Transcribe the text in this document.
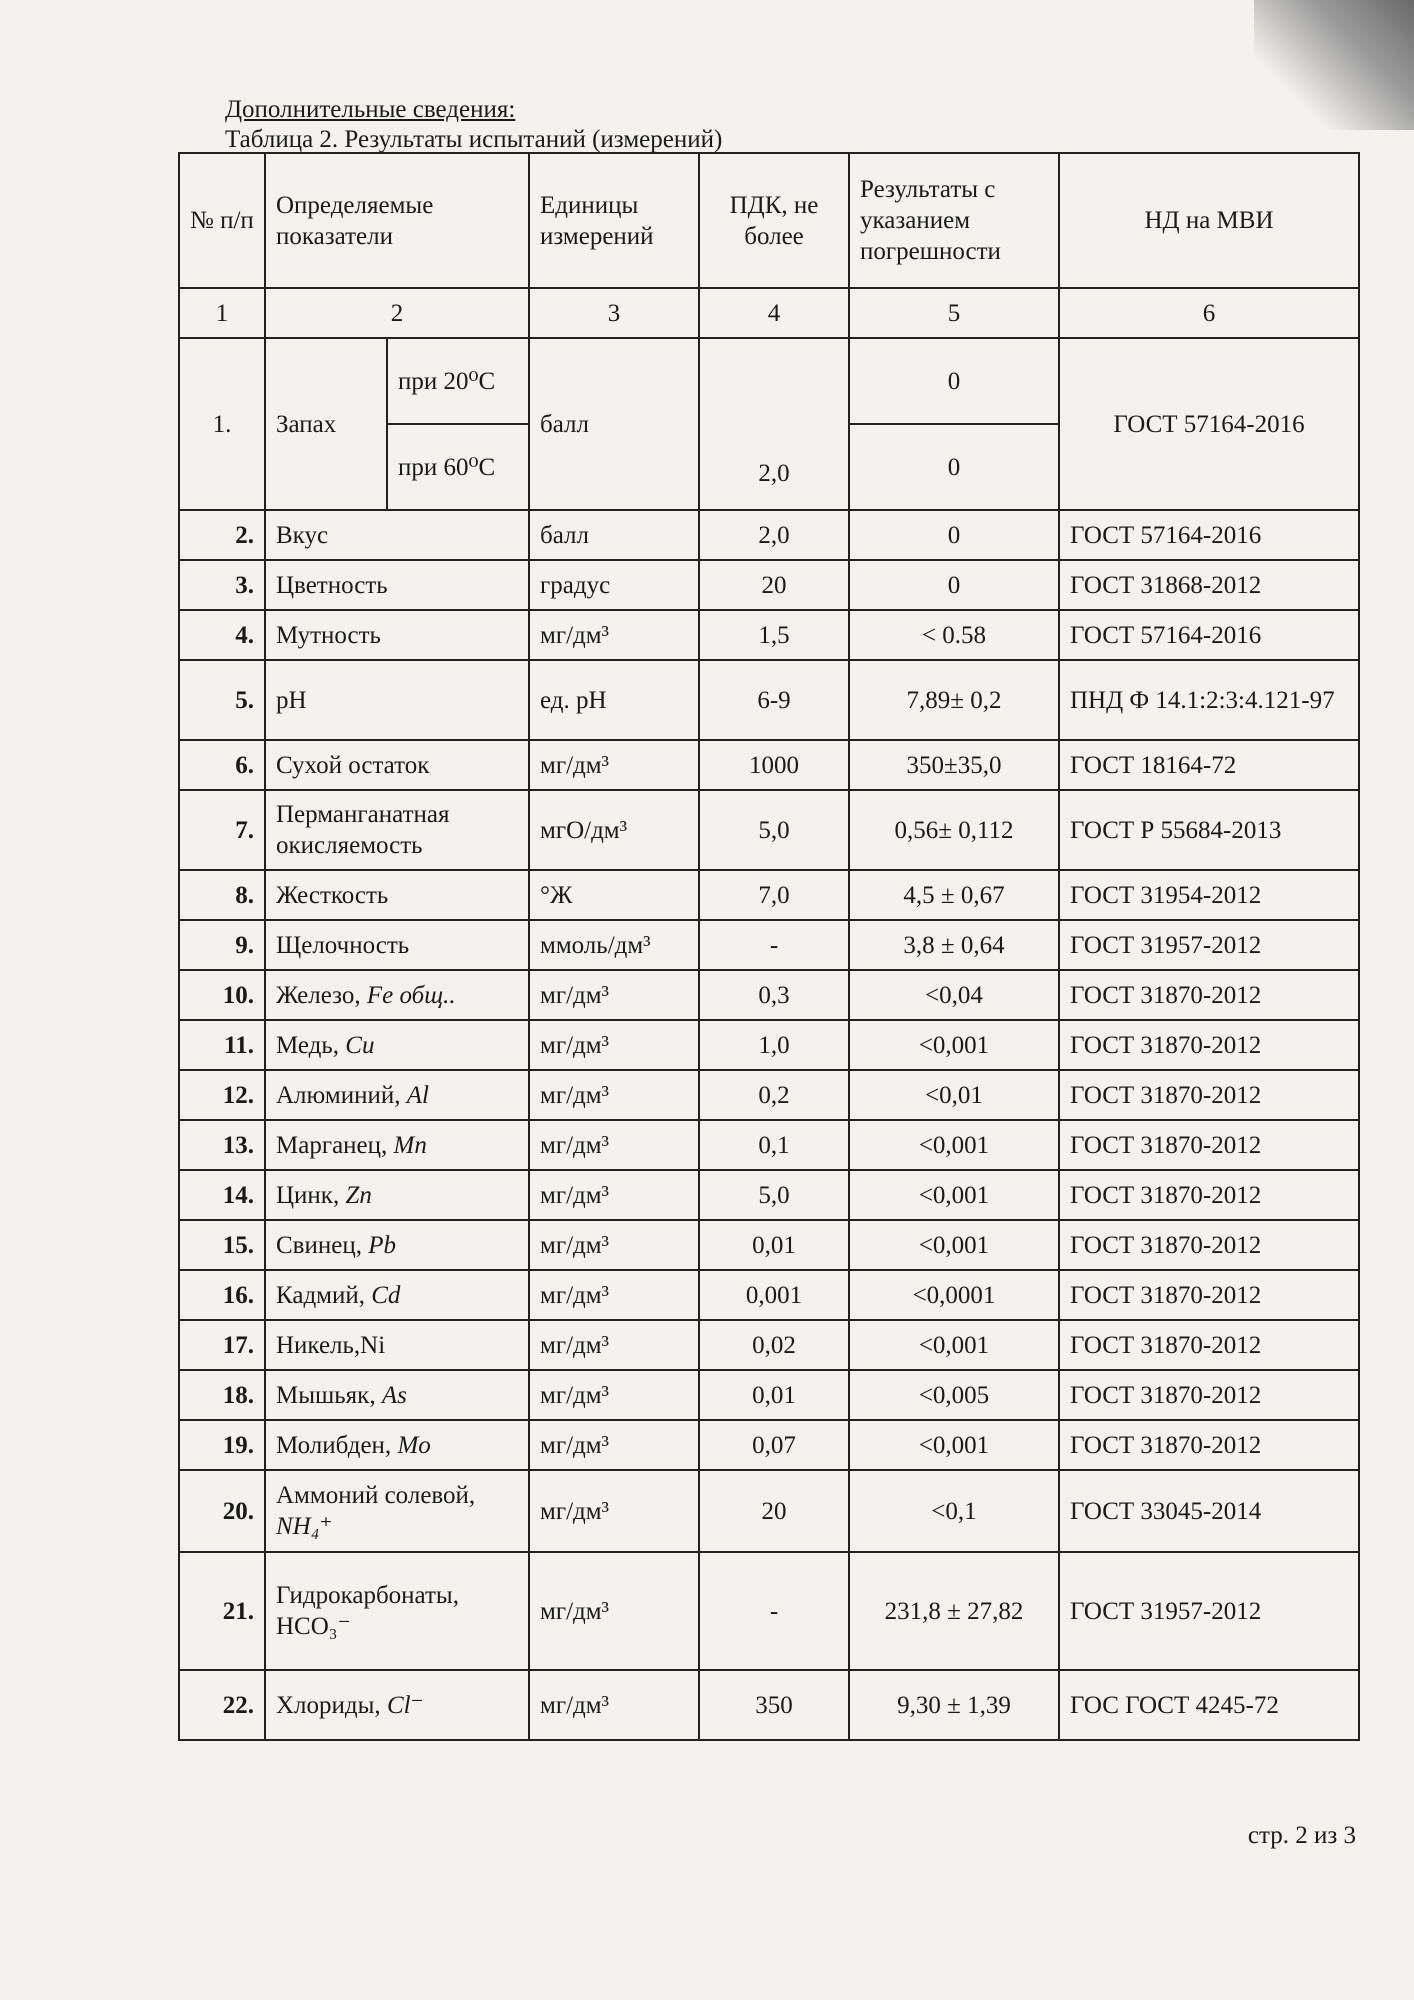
Дополнительные сведения:
Таблица 2. Результаты испытаний (измерений)
№ п/п	Определяемые показатели		Единицы измерений	ПДК, не более	Результаты с указанием погрешности	НД на МВИ
1	2		3	4	5	6
1.	Запах	при 20⁰С	балл	2,0	0	ГОСТ 57164-2016
		при 60⁰С			0	
2.	Вкус		балл	2,0	0	ГОСТ 57164-2016
3.	Цветность		градус	20	0	ГОСТ 31868-2012
4.	Мутность		мг/дм³	1,5	< 0.58	ГОСТ 57164-2016
5.	рН		ед. рН	6-9	7,89± 0,2	ПНД Ф 14.1:2:3:4.121-97
6.	Сухой остаток		мг/дм³	1000	350±35,0	ГОСТ 18164-72
7.	Перманганатная окисляемость		мгО/дм³	5,0	0,56± 0,112	ГОСТ Р 55684-2013
8.	Жесткость		°Ж	7,0	4,5 ± 0,67	ГОСТ 31954-2012
9.	Щелочность		ммоль/дм³	-	3,8 ± 0,64	ГОСТ 31957-2012
10.	Железо, Fe общ..		мг/дм³	0,3	<0,04	ГОСТ 31870-2012
11.	Медь, Cu		мг/дм³	1,0	<0,001	ГОСТ 31870-2012
12.	Алюминий, Al		мг/дм³	0,2	<0,01	ГОСТ 31870-2012
13.	Марганец, Mn		мг/дм³	0,1	<0,001	ГОСТ 31870-2012
14.	Цинк, Zn		мг/дм³	5,0	<0,001	ГОСТ 31870-2012
15.	Свинец, Pb		мг/дм³	0,01	<0,001	ГОСТ 31870-2012
16.	Кадмий, Cd		мг/дм³	0,001	<0,0001	ГОСТ 31870-2012
17.	Никель,Ni		мг/дм³	0,02	<0,001	ГОСТ 31870-2012
18.	Мышьяк, As		мг/дм³	0,01	<0,005	ГОСТ 31870-2012
19.	Молибден, Mo		мг/дм³	0,07	<0,001	ГОСТ 31870-2012
20.	Аммоний солевой, NH₄⁺		мг/дм³	20	<0,1	ГОСТ 33045-2014
21.	Гидрокарбонаты, HCO₃⁻		мг/дм³	-	231,8 ± 27,82	ГОСТ 31957-2012
22.	Хлориды, Cl⁻		мг/дм³	350	9,30 ± 1,39	ГОС ГОСТ 4245-72
стр. 2 из 3
